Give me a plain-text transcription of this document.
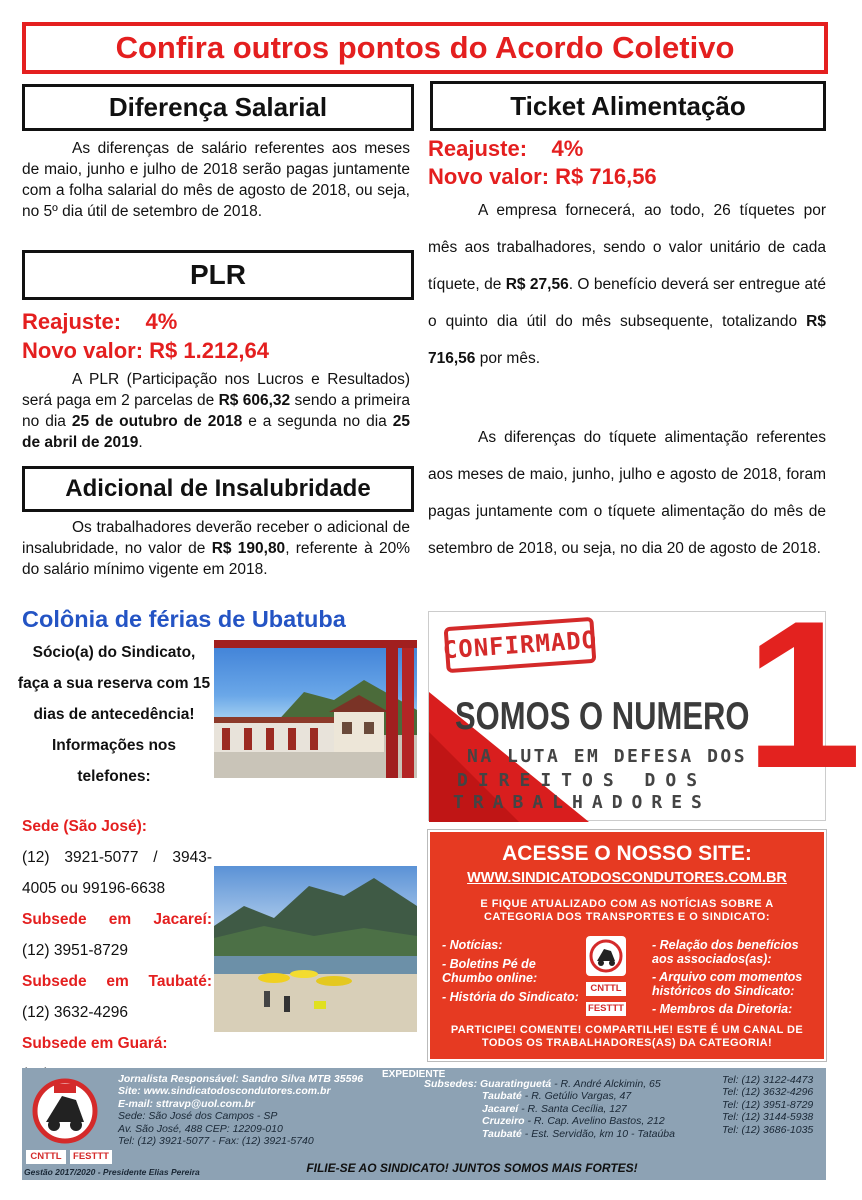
Confira outros pontos do Acordo Coletivo
Diferença Salarial

As diferenças de salário referentes aos meses de maio, junho e julho de 2018 serão pagas juntamente com a folha salarial do mês de agosto de 2018, ou seja, no 5º dia útil de setembro de 2018.

PLR
Reajuste:    4%
Novo valor: R$ 1.212,64

A PLR (Participação nos Lucros e Resultados) será paga em 2 parcelas de R$ 606,32 sendo a primeira no dia 25 de outubro de 2018 e a segunda no dia 25 de abril de 2019.

Adicional de Insalubridade

Os trabalhadores deverão receber o adicional de insalubridade, no valor de R$ 190,80, referente à 20% do salário mínimo vigente em 2018.

Ticket Alimentação
Reajuste:    4%
Novo valor: R$ 716,56

A empresa fornecerá, ao todo, 26 tíquetes por mês aos trabalhadores, sendo o valor unitário de cada tíquete, de R$ 27,56. O benefício deverá ser entregue até o quinto dia útil do mês subsequente, totalizando R$ 716,56 por mês.

As diferenças do tíquete alimentação referentes aos meses de maio, junho, julho e agosto de 2018, foram pagas juntamente com o tíquete alimentação do mês de setembro de 2018, ou seja, no dia 20 de agosto de 2018.

Colônia de férias de Ubatuba

Sócio(a) do Sindicato, faça a sua reserva com 15 dias de antecedência! Informações nos telefones:

Sede (São José):
(12) 3921-5077 / 3943-4005 ou 99196-6638
Subsede em Jacareí:
(12) 3951-8729
Subsede em Taubaté:
(12) 3632-4296
Subsede em Guará:
CONFIRMADO
SOMOS O NUMERO
1
NA LUTA EM DEFESA DOS
DIREITOS DOS
TRABALHADORES
ACESSE O NOSSO SITE:
WWW.SINDICATODOSCONDUTORES.COM.BR
E FIQUE ATUALIZADO COM AS NOTÍCIAS SOBRE A CATEGORIA DOS TRANSPORTES E O SINDICATO:
- Notícias:
- Boletins Pé de Chumbo online:
- História do Sindicato:
CNTTL
FESTTT
- Relação dos benefícios aos associados(as):
- Arquivo com momentos históricos do Sindicato:
- Membros da Diretoria:
PARTICIPE! COMENTE! COMPARTILHE! ESTE É UM CANAL DE TODOS OS TRABALHADORES(AS) DA CATEGORIA!
EXPEDIENTE
CNTTL	FESTTT
Gestão 2017/2020 - Presidente Elias Pereira
Jornalista Responsável: Sandro Silva MTB 35596
Site: www.sindicatodoscondutores.com.br
E-mail: sttravp@uol.com.br
Sede: São José dos Campos - SP
Av. São José, 488 CEP: 12209-010
Tel: (12) 3921-5077 - Fax: (12) 3921-5740
Subsedes: Guaratinguetá - R. André Alckimin, 65	Tel: (12) 3122-4473
Taubaté - R. Getúlio Vargas, 47	Tel: (12) 3632-4296
Jacareí - R. Santa Cecília, 127	Tel: (12) 3951-8729
Cruzeiro - R. Cap. Avelino Bastos, 212	Tel: (12) 3144-5938
Taubaté - Est. Servidão, km 10 - Tataúba	Tel: (12) 3686-1035
FILIE-SE AO SINDICATO! JUNTOS SOMOS MAIS FORTES!
